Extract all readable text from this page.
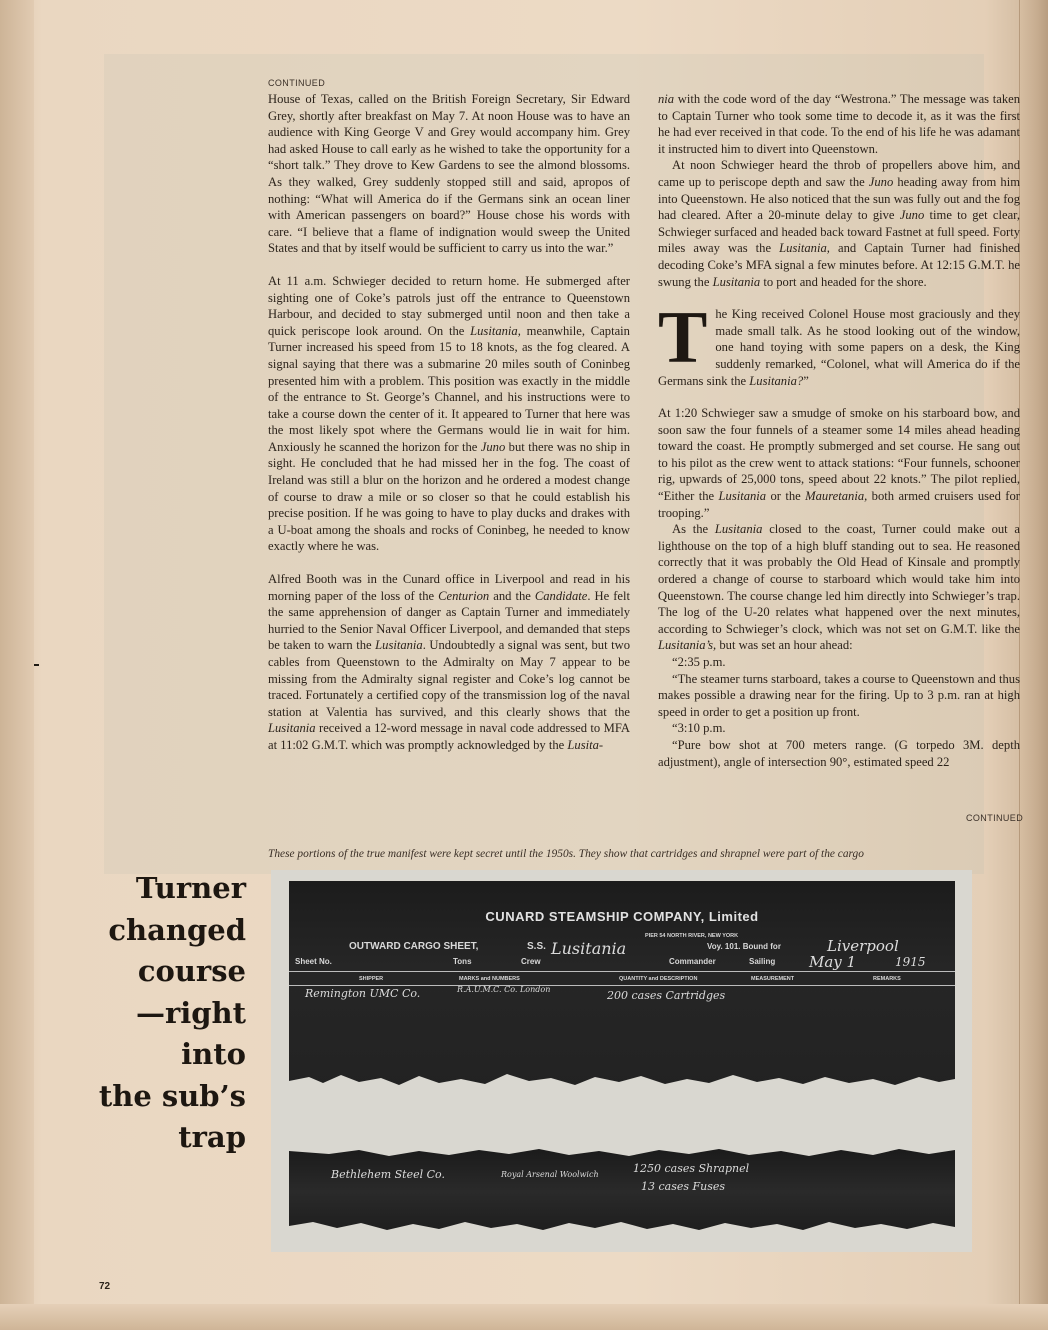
CONTINUED

House of Texas, called on the British Foreign Secretary, Sir Edward Grey, shortly after breakfast on May 7. At noon House was to have an audience with King George V and Grey would accompany him. Grey had asked House to call early as he wished to take the opportunity for a “short talk.” They drove to Kew Gardens to see the almond blossoms. As they walked, Grey suddenly stopped still and said, apropos of nothing: “What will America do if the Germans sink an ocean liner with American passengers on board?” House chose his words with care. “I believe that a flame of indignation would sweep the United States and that by itself would be sufficient to carry us into the war.”

At 11 a.m. Schwieger decided to return home. He submerged after sighting one of Coke’s patrols just off the entrance to Queenstown Harbour, and decided to stay submerged until noon and then take a quick periscope look around. On the Lusitania, meanwhile, Captain Turner increased his speed from 15 to 18 knots, as the fog cleared. A signal saying that there was a submarine 20 miles south of Coninbeg presented him with a problem. This position was exactly in the middle of the entrance to St. George’s Channel, and his instructions were to take a course down the center of it. It appeared to Turner that here was the most likely spot where the Germans would lie in wait for him. Anxiously he scanned the horizon for the Juno but there was no ship in sight. He concluded that he had missed her in the fog. The coast of Ireland was still a blur on the horizon and he ordered a modest change of course to draw a mile or so closer so that he could establish his precise position. If he was going to have to play ducks and drakes with a U-boat among the shoals and rocks of Coninbeg, he needed to know exactly where he was.

Alfred Booth was in the Cunard office in Liverpool and read in his morning paper of the loss of the Centurion and the Candidate. He felt the same apprehension of danger as Captain Turner and immediately hurried to the Senior Naval Officer Liverpool, and demanded that steps be taken to warn the Lusitania. Undoubtedly a signal was sent, but two cables from Queenstown to the Admiralty on May 7 appear to be missing from the Admiralty signal register and Coke’s log cannot be traced. Fortunately a certified copy of the transmission log of the naval station at Valentia has survived, and this clearly shows that the Lusitania received a 12-word message in naval code addressed to MFA at 11:02 G.M.T. which was promptly acknowledged by the Lusita-

nia with the code word of the day “Westrona.” The message was taken to Captain Turner who took some time to decode it, as it was the first he had ever received in that code. To the end of his life he was adamant it instructed him to divert into Queenstown.

At noon Schwieger heard the throb of propellers above him, and came up to periscope depth and saw the Juno heading away from him into Queenstown. He also noticed that the sun was fully out and the fog had cleared. After a 20-minute delay to give Juno time to get clear, Schwieger surfaced and headed back toward Fastnet at full speed. Forty miles away was the Lusitania, and Captain Turner had finished decoding Coke’s MFA signal a few minutes before. At 12:15 G.M.T. he swung the Lusitania to port and headed for the shore.

The King received Colonel House most graciously and they made small talk. As he stood looking out of the window, one hand toying with some papers on a desk, the King suddenly remarked, “Colonel, what will America do if the Germans sink the Lusitania?”

At 1:20 Schwieger saw a smudge of smoke on his starboard bow, and soon saw the four funnels of a steamer some 14 miles ahead heading toward the coast. He promptly submerged and set course. He sang out to his pilot as the crew went to attack stations: “Four funnels, schooner rig, upwards of 25,000 tons, speed about 22 knots.” The pilot replied, “Either the Lusitania or the Mauretania, both armed cruisers used for trooping.”

As the Lusitania closed to the coast, Turner could make out a lighthouse on the top of a high bluff standing out to sea. He reasoned correctly that it was probably the Old Head of Kinsale and promptly ordered a change of course to starboard which would take him into Queenstown. The course change led him directly into Schwieger’s trap. The log of the U-20 relates what happened over the next minutes, according to Schwieger’s clock, which was not set on G.M.T. like the Lusitania’s, but was set an hour ahead:

“2:35 p.m.

“The steamer turns starboard, takes a course to Queenstown and thus makes possible a drawing near for the firing. Up to 3 p.m. ran at high speed in order to get a position up front.

“3:10 p.m.

“Pure bow shot at 700 meters range. (G torpedo 3M. depth adjustment), angle of intersection 90°, estimated speed 22

CONTINUED
These portions of the true manifest were kept secret until the 1950s. They show that cartridges and shrapnel were part of the cargo
Turner
changed
course
—right
into
the sub’s
trap
CUNARD STEAMSHIP COMPANY, Limited
PIER 54 NORTH RIVER, NEW YORK
OUTWARD CARGO SHEET,	S.S. Lusitania	Voy. 101. Bound for	Liverpool
Sheet No.	Tons	Crew	Commander	Sailing May 1	1915
SHIPPER	MARKS and NUMBERS	QUANTITY and DESCRIPTION	MEASUREMENT	REMARKS
Remington UMC Co.	R.A.U.M.C. Co. London	200 cases Cartridges
Bethlehem Steel Co.	Royal Arsenal Woolwich	1250 cases Shrapnel
13 cases Fuses
72
